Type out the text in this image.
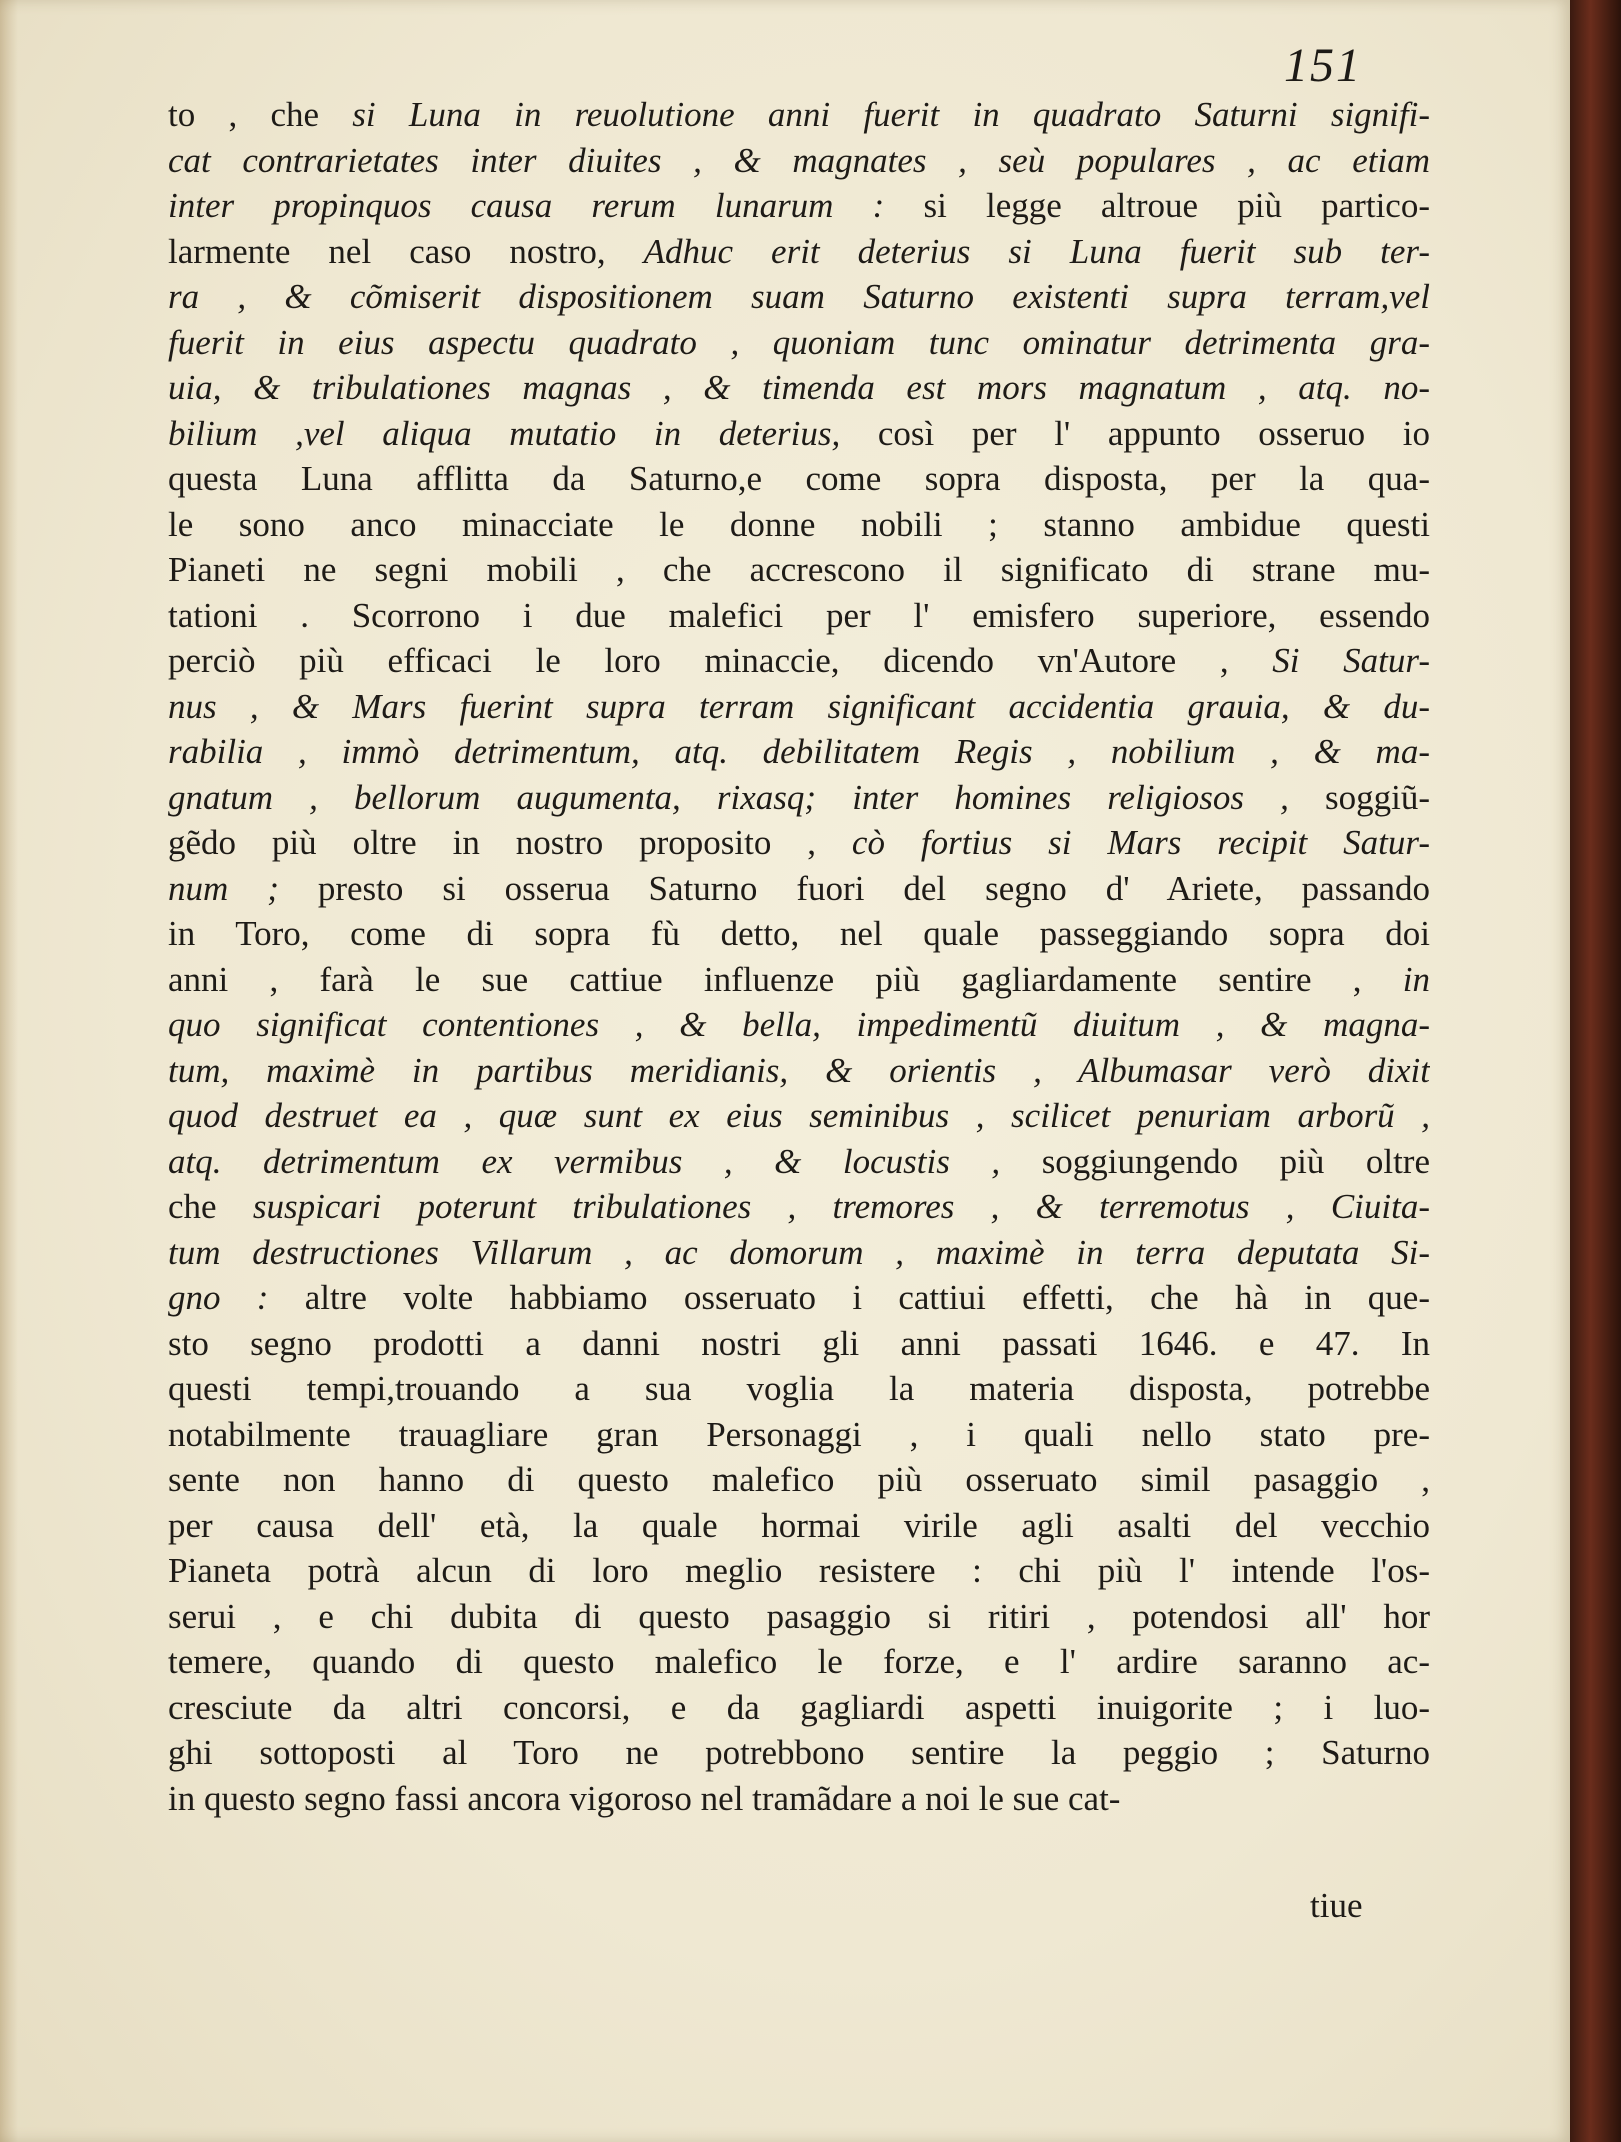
151
to , che si Luna in reuolutione anni fuerit in quadrato Saturni signifi-
cat contrarietates inter diuites , & magnates , seù populares , ac etiam
inter propinquos causa rerum lunarum : si legge altroue più partico-
larmente nel caso nostro, Adhuc erit deterius si Luna fuerit sub ter-
ra , & cõmiserit dispositionem suam Saturno existenti supra terram,vel
fuerit in eius aspectu quadrato , quoniam tunc ominatur detrimenta gra-
uia, & tribulationes magnas , & timenda est mors magnatum , atq. no-
bilium ,vel aliqua mutatio in deterius, così per l' appunto osseruo io
questa Luna afflitta da Saturno,e come sopra disposta, per la qua-
le sono anco minacciate le donne nobili ; stanno ambidue questi
Pianeti ne segni mobili , che accrescono il significato di strane mu-
tationi . Scorrono i due malefici per l' emisfero superiore, essendo
perciò più efficaci le loro minaccie, dicendo vn'Autore , Si Satur-
nus , & Mars fuerint supra terram significant accidentia grauia, & du-
rabilia , immò detrimentum, atq. debilitatem Regis , nobilium , & ma-
gnatum , bellorum augumenta, rixasq; inter homines religiosos , soggiũ-
gẽdo più oltre in nostro proposito , cò fortius si Mars recipit Satur-
num ; presto si osserua Saturno fuori del segno d' Ariete, passando
in Toro, come di sopra fù detto, nel quale passeggiando sopra doi
anni , farà le sue cattiue influenze più gagliardamente sentire , in
quo significat contentiones , & bella, impedimentũ diuitum , & magna-
tum, maximè in partibus meridianis, & orientis , Albumasar verò dixit
quod destruet ea , quæ sunt ex eius seminibus , scilicet penuriam arborũ ,
atq. detrimentum ex vermibus , & locustis , soggiungendo più oltre
che suspicari poterunt tribulationes , tremores , & terremotus , Ciuita-
tum destructiones Villarum , ac domorum , maximè in terra deputata Si-
gno : altre volte habbiamo osseruato i cattiui effetti, che hà in que-
sto segno prodotti a danni nostri gli anni passati 1646. e 47. In
questi tempi,trouando a sua voglia la materia disposta, potrebbe
notabilmente trauagliare gran Personaggi , i quali nello stato pre-
sente non hanno di questo malefico più osseruato simil pasaggio ,
per causa dell' età, la quale hormai virile agli asalti del vecchio
Pianeta potrà alcun di loro meglio resistere : chi più l' intende l'os-
serui , e chi dubita di questo pasaggio si ritiri , potendosi all' hor
temere, quando di questo malefico le forze, e l' ardire saranno ac-
cresciute da altri concorsi, e da gagliardi aspetti inuigorite ; i luo-
ghi sottoposti al Toro ne potrebbono sentire la peggio ; Saturno
in questo segno fassi ancora vigoroso nel tramãdare a noi le sue cat-
tiue
